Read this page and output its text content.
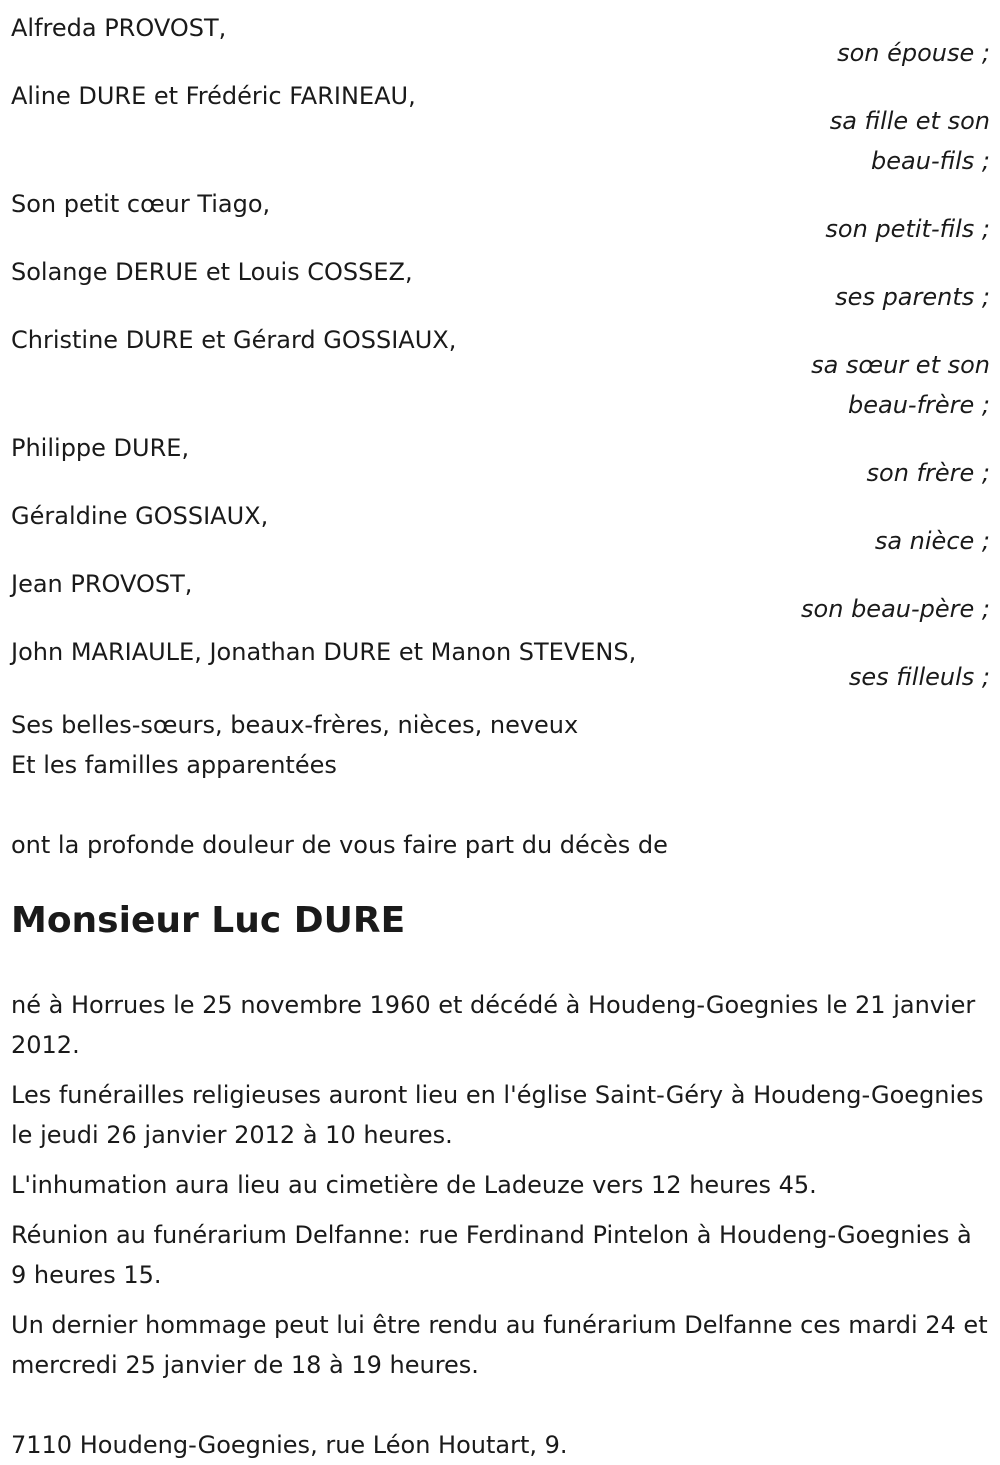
Alfreda PROVOST,
son épouse ;
Aline DURE et Frédéric FARINEAU,
sa fille et son beau-fils ;
Son petit cœur Tiago,
son petit-fils ;
Solange DERUE et Louis COSSEZ,
ses parents ;
Christine DURE et Gérard GOSSIAUX,
sa sœur et son beau-frère ;
Philippe DURE,
son frère ;
Géraldine GOSSIAUX,
sa nièce ;
Jean PROVOST,
son beau-père ;
John MARIAULE, Jonathan DURE et Manon STEVENS,
ses filleuls ;
Ses belles-sœurs, beaux-frères, nièces, neveux
Et les familles apparentées
ont la profonde douleur de vous faire part du décès de
Monsieur Luc DURE

né à Horrues le 25 novembre 1960 et décédé à Houdeng-Goegnies le 21 janvier 2012.

Les funérailles religieuses auront lieu en l'église Saint-Géry à Houdeng-Goegnies le jeudi 26 janvier 2012 à 10 heures.

L'inhumation aura lieu au cimetière de Ladeuze vers 12 heures 45.

Réunion au funérarium Delfanne: rue Ferdinand Pintelon à Houdeng-Goegnies à 9 heures 15.

Un dernier hommage peut lui être rendu au funérarium Delfanne ces mardi 24 et mercredi 25 janvier de 18 à 19 heures.

7110 Houdeng-Goegnies, rue Léon Houtart, 9.
